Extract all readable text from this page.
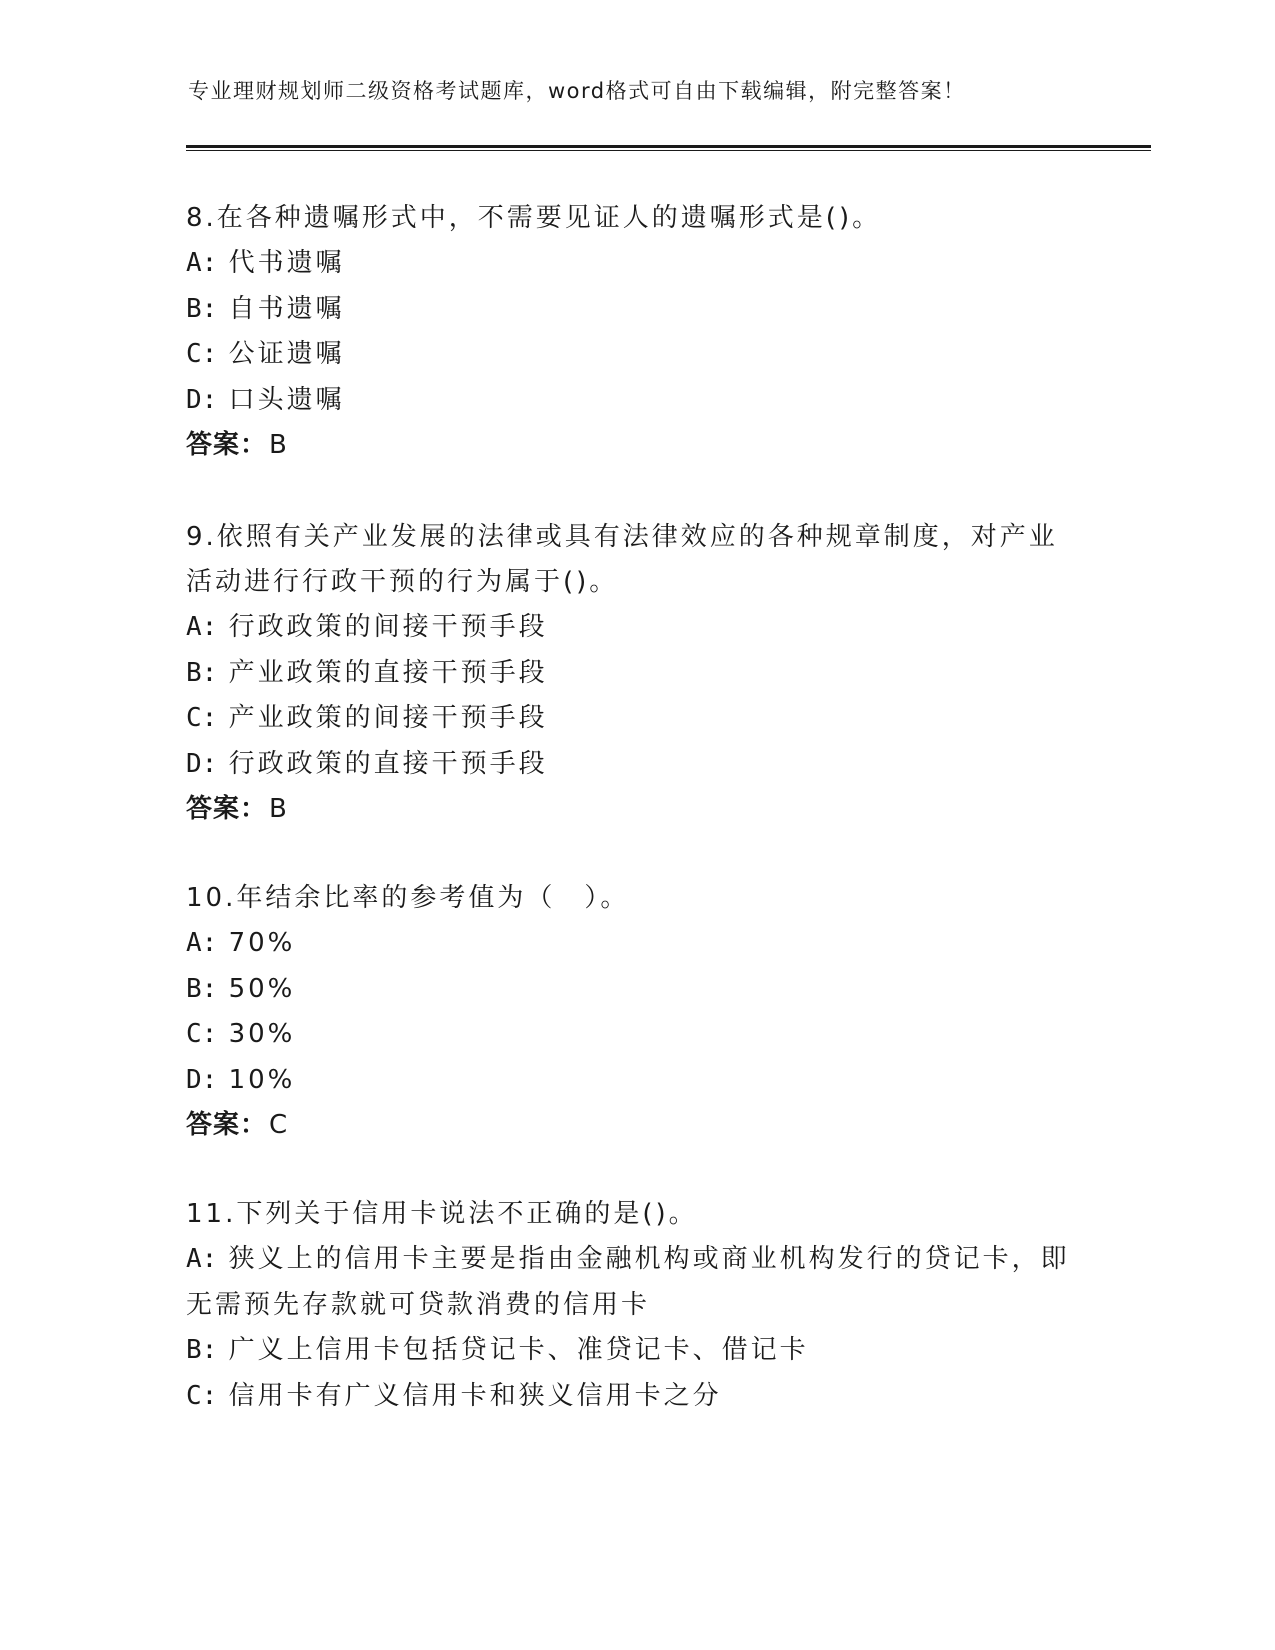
专业理财规划师二级资格考试题库，word格式可自由下载编辑，附完整答案！

8.在各种遗嘱形式中，不需要见证人的遗嘱形式是()。

A: 代书遗嘱

B: 自书遗嘱

C: 公证遗嘱

D: 口头遗嘱

答案：B

9.依照有关产业发展的法律或具有法律效应的各种规章制度，对产业

活动进行行政干预的行为属于()。

A: 行政政策的间接干预手段

B: 产业政策的直接干预手段

C: 产业政策的间接干预手段

D: 行政政策的直接干预手段

答案：B

10.年结余比率的参考值为（　）。

A: 70%

B: 50%

C: 30%

D: 10%

答案：C

11.下列关于信用卡说法不正确的是()。

A: 狭义上的信用卡主要是指由金融机构或商业机构发行的贷记卡，即

无需预先存款就可贷款消费的信用卡

B: 广义上信用卡包括贷记卡、准贷记卡、借记卡

C: 信用卡有广义信用卡和狭义信用卡之分
